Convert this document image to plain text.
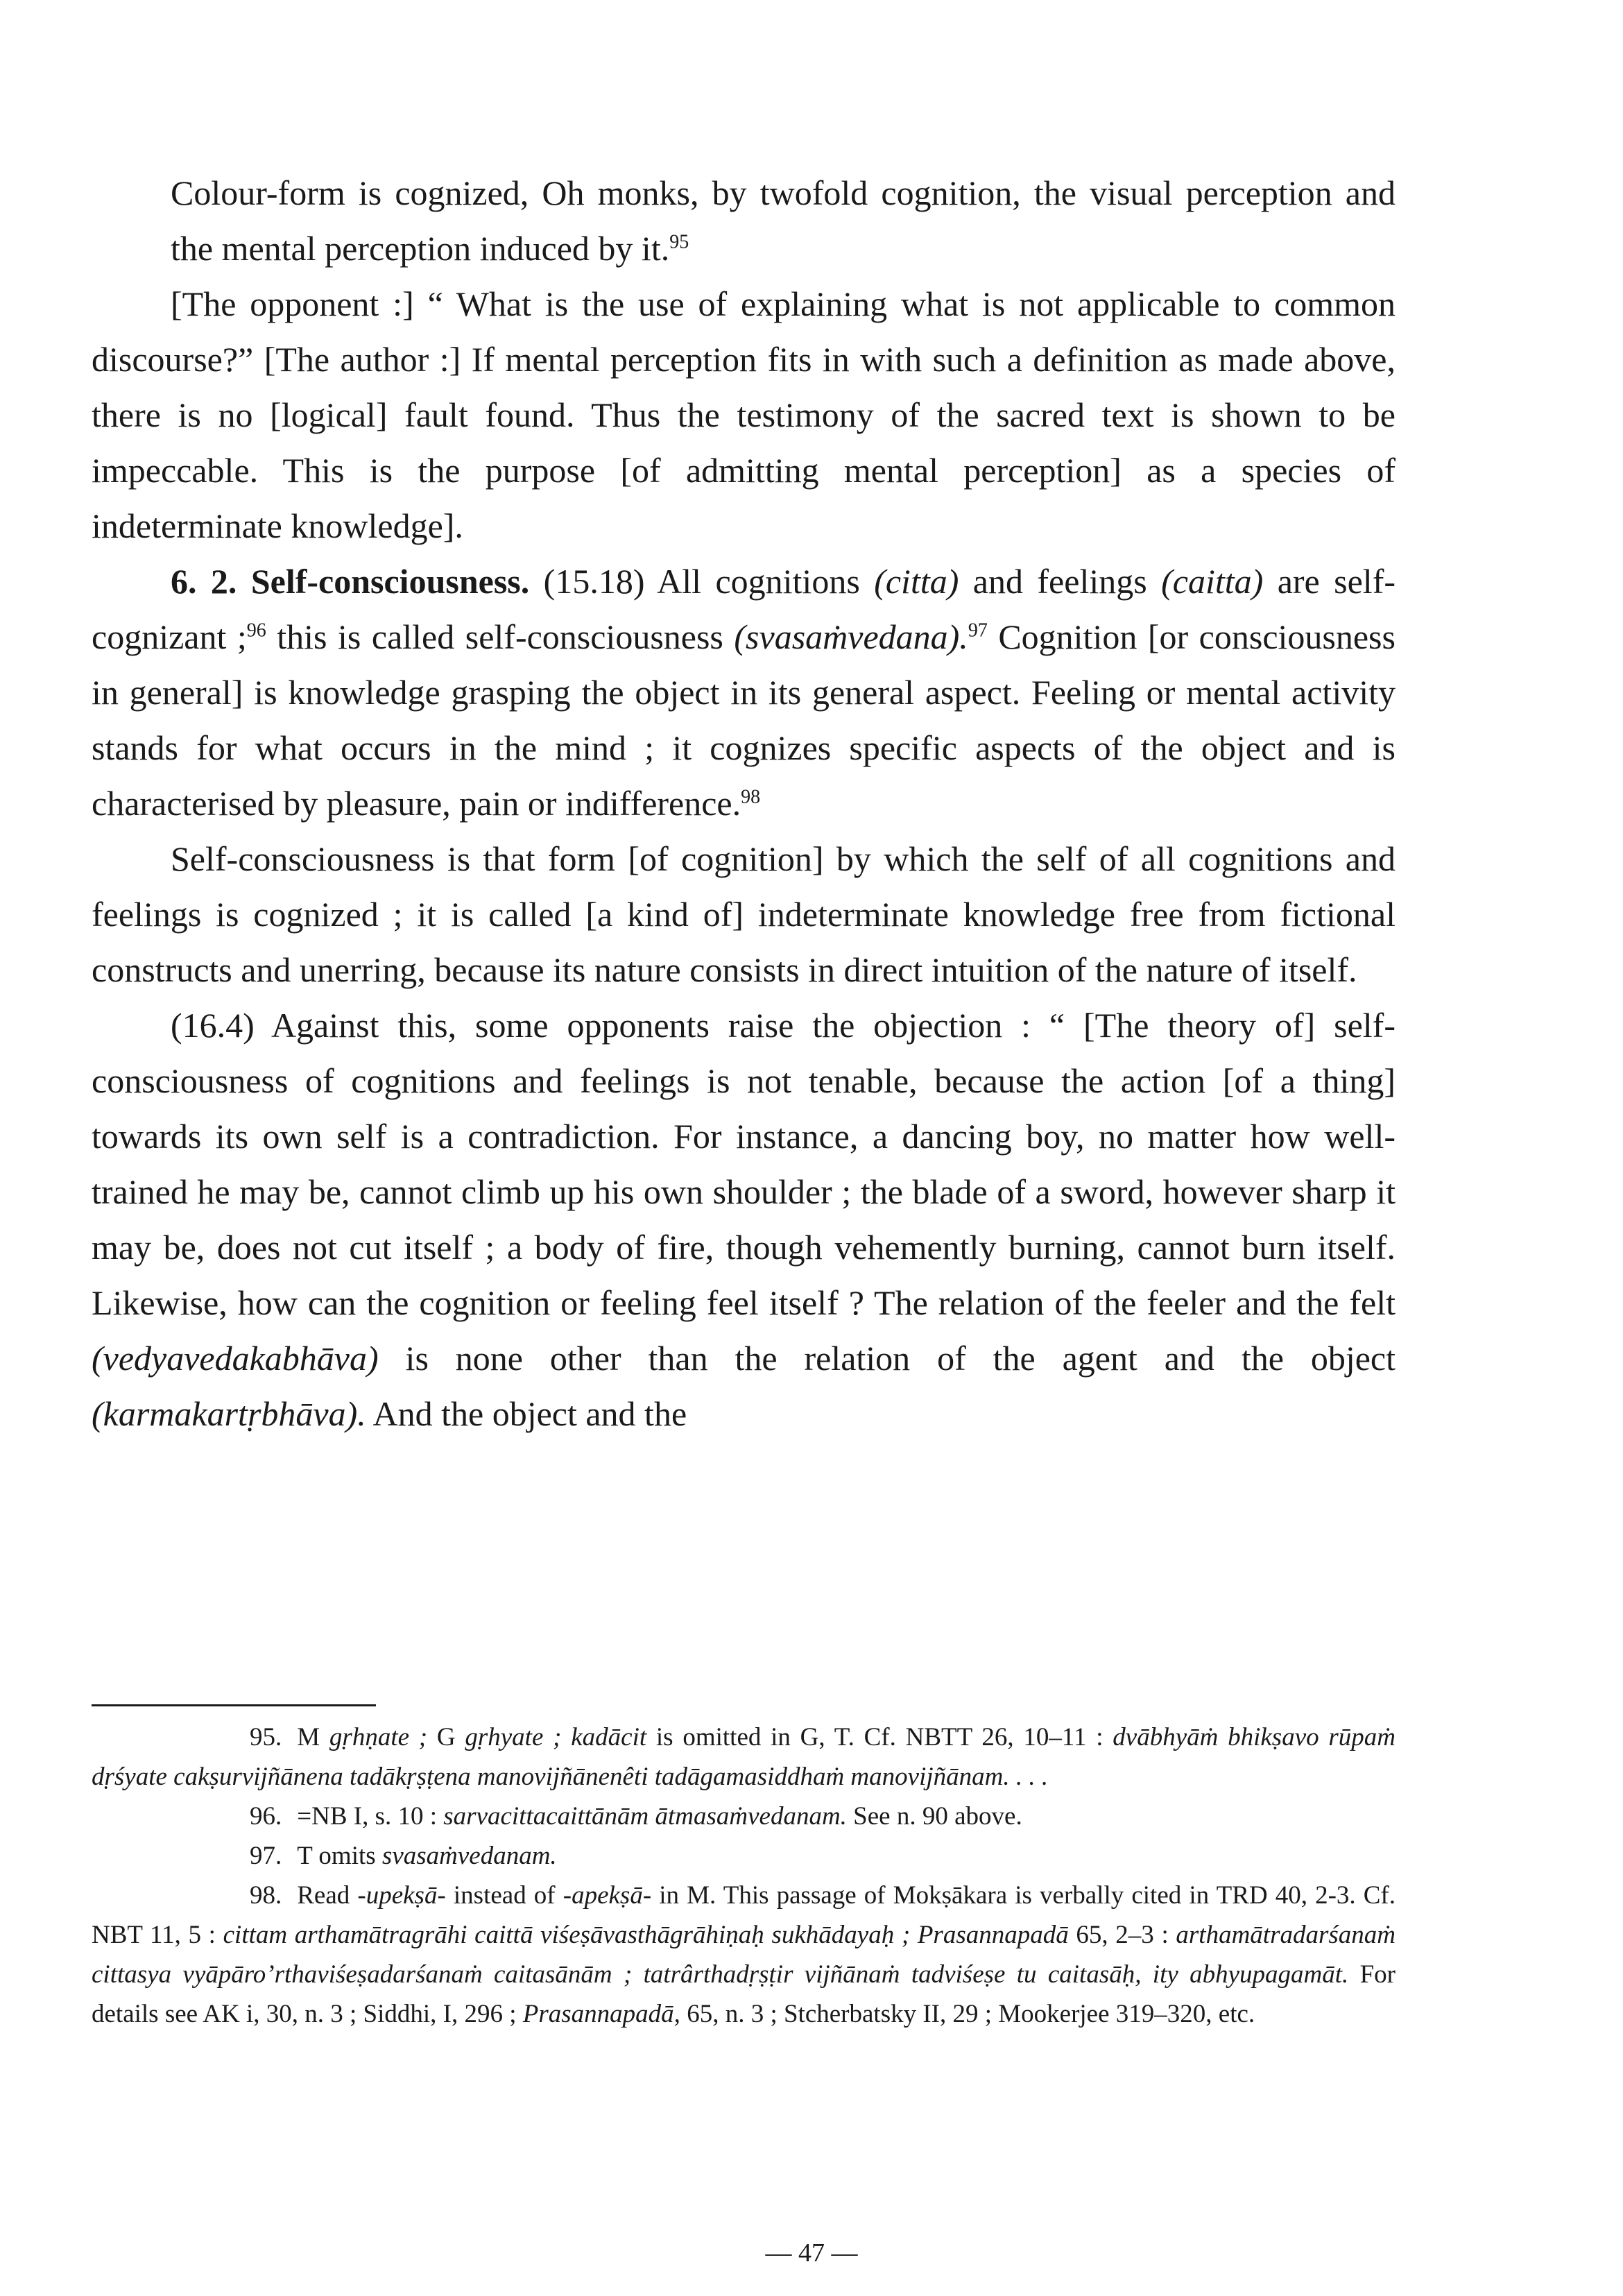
Colour-form is cognized, Oh monks, by twofold cognition, the visual perception and the mental perception induced by it.$^{95}$

[The opponent :] “ What is the use of explaining what is not applicable to common discourse?” [The author :] If mental perception fits in with such a definition as made above, there is no [logical] fault found. Thus the testimony of the sacred text is shown to be impeccable. This is the purpose [of admitting mental perception] as a species of indeterminate knowledge].

6. 2. Self-consciousness. (15.18) All cognitions (citta) and feelings (caitta) are self-cognizant ;$^{96}$ this is called self-consciousness (svasaṁvedana).$^{97}$ Cognition [or consciousness in general] is knowledge grasping the object in its general aspect. Feeling or mental activity stands for what occurs in the mind ; it cognizes specific aspects of the object and is characterised by pleasure, pain or indifference.$^{98}$

Self-consciousness is that form [of cognition] by which the self of all cognitions and feelings is cognized ; it is called [a kind of] indeterminate knowledge free from fictional constructs and unerring, because its nature consists in direct intuition of the nature of itself.

(16.4) Against this, some opponents raise the objection : “ [The theory of] self-consciousness of cognitions and feelings is not tenable, because the action [of a thing] towards its own self is a contradiction. For instance, a dancing boy, no matter how well-trained he may be, cannot climb up his own shoulder ; the blade of a sword, however sharp it may be, does not cut itself ; a body of fire, though vehemently burning, cannot burn itself. Likewise, how can the cognition or feeling feel itself ? The relation of the feeler and the felt (vedyavedakabhāva) is none other than the relation of the agent and the object (karmakartṛbhāva). And the object and the

95. M gṛhṇate ; G gṛhyate ; kadācit is omitted in G, T. Cf. NBTT 26, 10–11 : dvābhyāṁ bhikṣavo rūpaṁ dṛśyate cakṣurvijñānena tadākṛṣṭena manovijñānenêti tadāgamasiddhaṁ manovijñānam. . . .

96. =NB I, s. 10 : sarvacittacaittānām ātmasaṁvedanam. See n. 90 above.

97. T omits svasaṁvedanam.

98. Read -upekṣā- instead of -apekṣā- in M. This passage of Mokṣākara is verbally cited in TRD 40, 2-3. Cf. NBT 11, 5 : cittam arthamātragrāhi caittā viśeṣāvasthāgrāhiṇaḥ sukhādayaḥ ; Prasannapadā 65, 2–3 : arthamātradarśanaṁ cittasya vyāpāro’rthaviśeṣadarśanaṁ caitasānām ; tatrârthadṛṣṭir vijñānaṁ tadviśeṣe tu caitasāḥ, ity abhyupagamāt. For details see AK i, 30, n. 3 ; Siddhi, I, 296 ; Prasannapadā, 65, n. 3 ; Stcherbatsky II, 29 ; Mookerjee 319–320, etc.

— 47 —
